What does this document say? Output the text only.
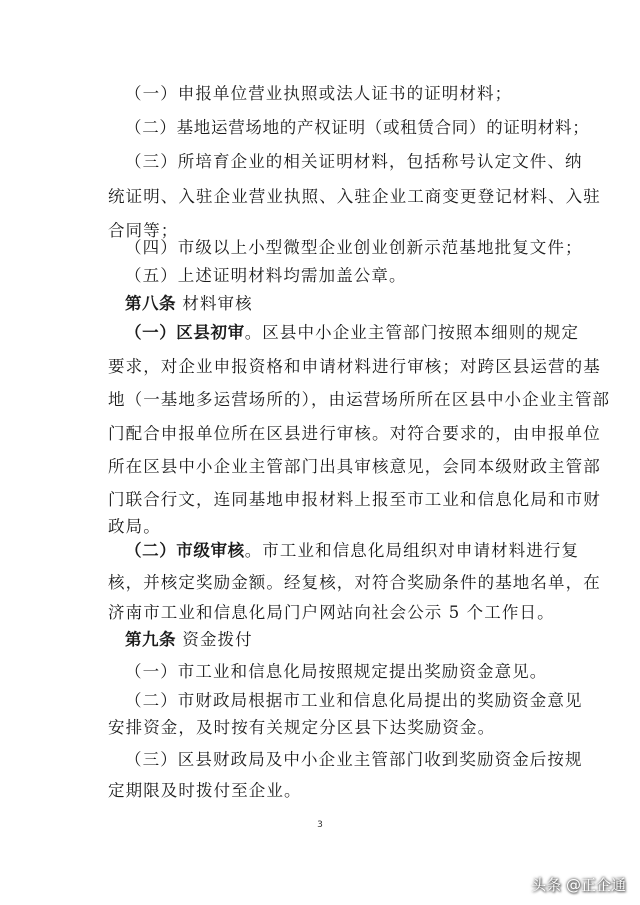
（一）申报单位营业执照或法人证书的证明材料；
（二）基地运营场地的产权证明（或租赁合同）的证明材料；
（三）所培育企业的相关证明材料，包括称号认定文件、纳
统证明、入驻企业营业执照、入驻企业工商变更登记材料、入驻
合同等；
（四）市级以上小型微型企业创业创新示范基地批复文件；
（五）上述证明材料均需加盖公章。
第八条 材料审核
（一）区县初审。区县中小企业主管部门按照本细则的规定
要求，对企业申报资格和申请材料进行审核；对跨区县运营的基
地（一基地多运营场所的），由运营场所所在区县中小企业主管部
门配合申报单位所在区县进行审核。对符合要求的，由申报单位
所在区县中小企业主管部门出具审核意见，会同本级财政主管部
门联合行文，连同基地申报材料上报至市工业和信息化局和市财
政局。
（二）市级审核。市工业和信息化局组织对申请材料进行复
核，并核定奖励金额。经复核，对符合奖励条件的基地名单，在
济南市工业和信息化局门户网站向社会公示 5 个工作日。
第九条 资金拨付
（一）市工业和信息化局按照规定提出奖励资金意见。
（二）市财政局根据市工业和信息化局提出的奖励资金意见
安排资金，及时按有关规定分区县下达奖励资金。
（三）区县财政局及中小企业主管部门收到奖励资金后按规
定期限及时拨付至企业。
3
头条 @正企通
